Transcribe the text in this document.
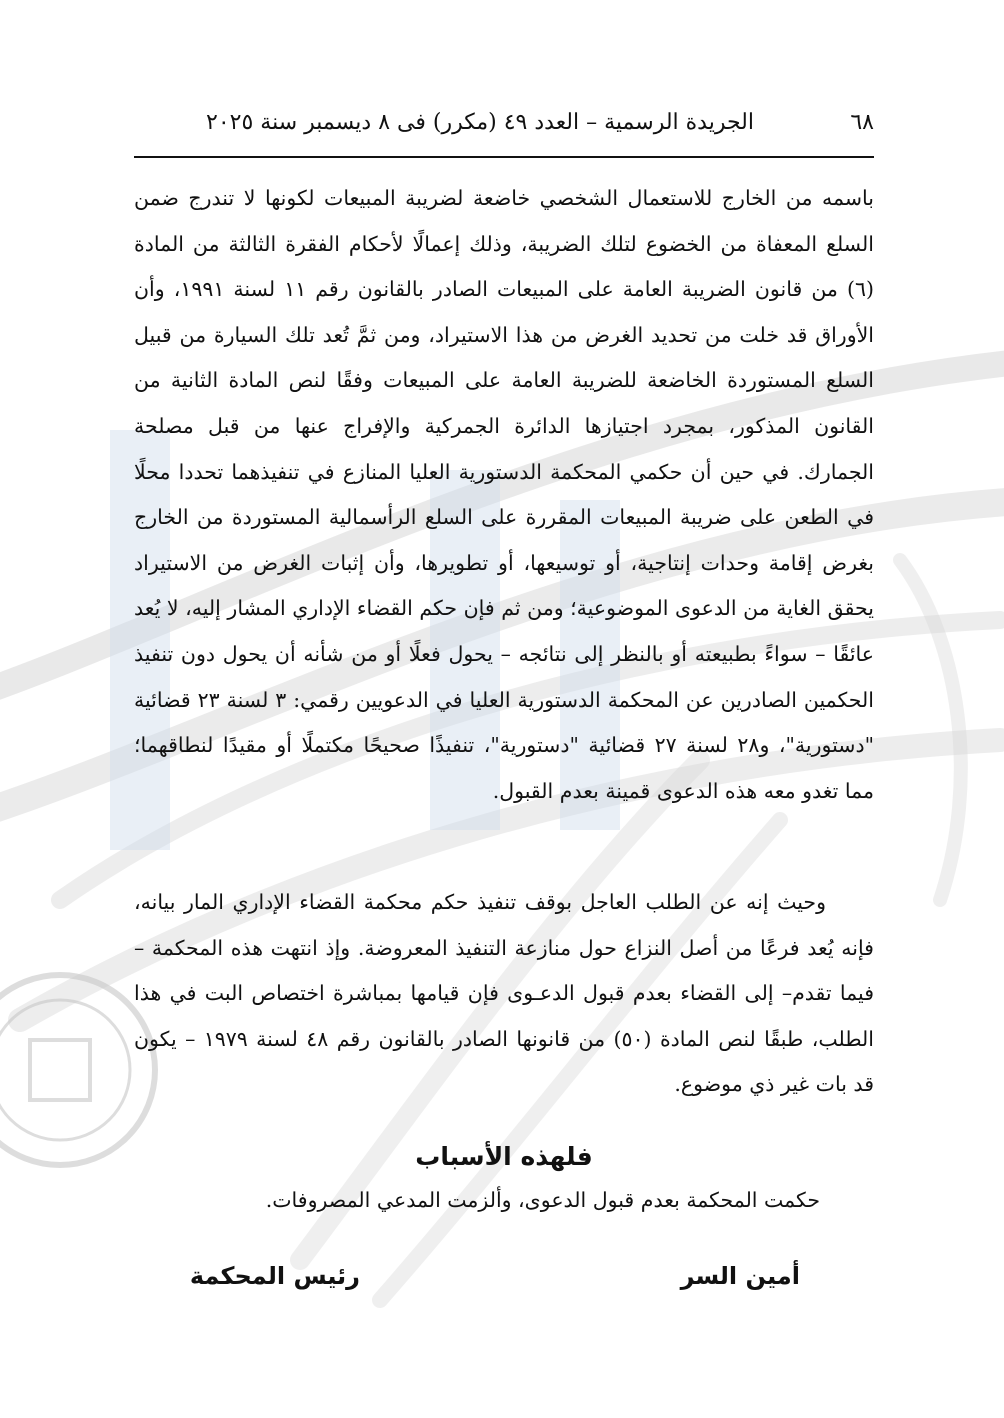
٦٨
الجريدة الرسمية – العدد ٤٩ (مكرر) فى ٨ ديسمبر سنة ٢٠٢٥

باسمه من الخارج للاستعمال الشخصي خاضعة لضريبة المبيعات لكونها لا تندرج ضمن السلع المعفاة من الخضوع لتلك الضريبة، وذلك إعمالًا لأحكام الفقرة الثالثة من المادة (٦) من قانون الضريبة العامة على المبيعات الصادر بالقانون رقم ١١ لسنة ١٩٩١، وأن الأوراق قد خلت من تحديد الغرض من هذا الاستيراد، ومن ثمَّ تُعد تلك السيارة من قبيل السلع المستوردة الخاضعة للضريبة العامة على المبيعات وفقًا لنص المادة الثانية من القانون المذكور، بمجرد اجتيازها الدائرة الجمركية والإفراج عنها من قبل مصلحة الجمارك. في حين أن حكمي المحكمة الدستورية العليا المنازع في تنفيذهما تحددا محلًا في الطعن على ضريبة المبيعات المقررة على السلع الرأسمالية المستوردة من الخارج بغرض إقامة وحدات إنتاجية، أو توسيعها، أو تطويرها، وأن إثبات الغرض من الاستيراد يحقق الغاية من الدعوى الموضوعية؛ ومن ثم فإن حكم القضاء الإداري المشار إليه، لا يُعد عائقًا – سواءً بطبيعته أو بالنظر إلى نتائجه – يحول فعلًا أو من شأنه أن يحول دون تنفيذ الحكمين الصادرين عن المحكمة الدستورية العليا في الدعويين رقمي: ٣ لسنة ٢٣ قضائية "دستورية"، و٢٨ لسنة ٢٧ قضائية "دستورية"، تنفيذًا صحيحًا مكتملًا أو مقيدًا لنطاقهما؛ مما تغدو معه هذه الدعوى قمينة بعدم القبول.

وحيث إنه عن الطلب العاجل بوقف تنفيذ حكم محكمة القضاء الإداري المار بيانه، فإنه يُعد فرعًا من أصل النزاع حول منازعة التنفيذ المعروضة. وإذ انتهت هذه المحكمة –فيما تقدم– إلى القضاء بعدم قبول الدعـوى فإن قيامها بمباشرة اختصاص البت في هذا الطلب، طبقًا لنص المادة (٥٠) من قانونها الصادر بالقانون رقم ٤٨ لسنة ١٩٧٩ – يكون قد بات غير ذي موضوع.

فلهذه الأسباب

حكمت المحكمة بعدم قبول الدعوى، وألزمت المدعي المصروفات.

أمين السر
رئيس المحكمة
